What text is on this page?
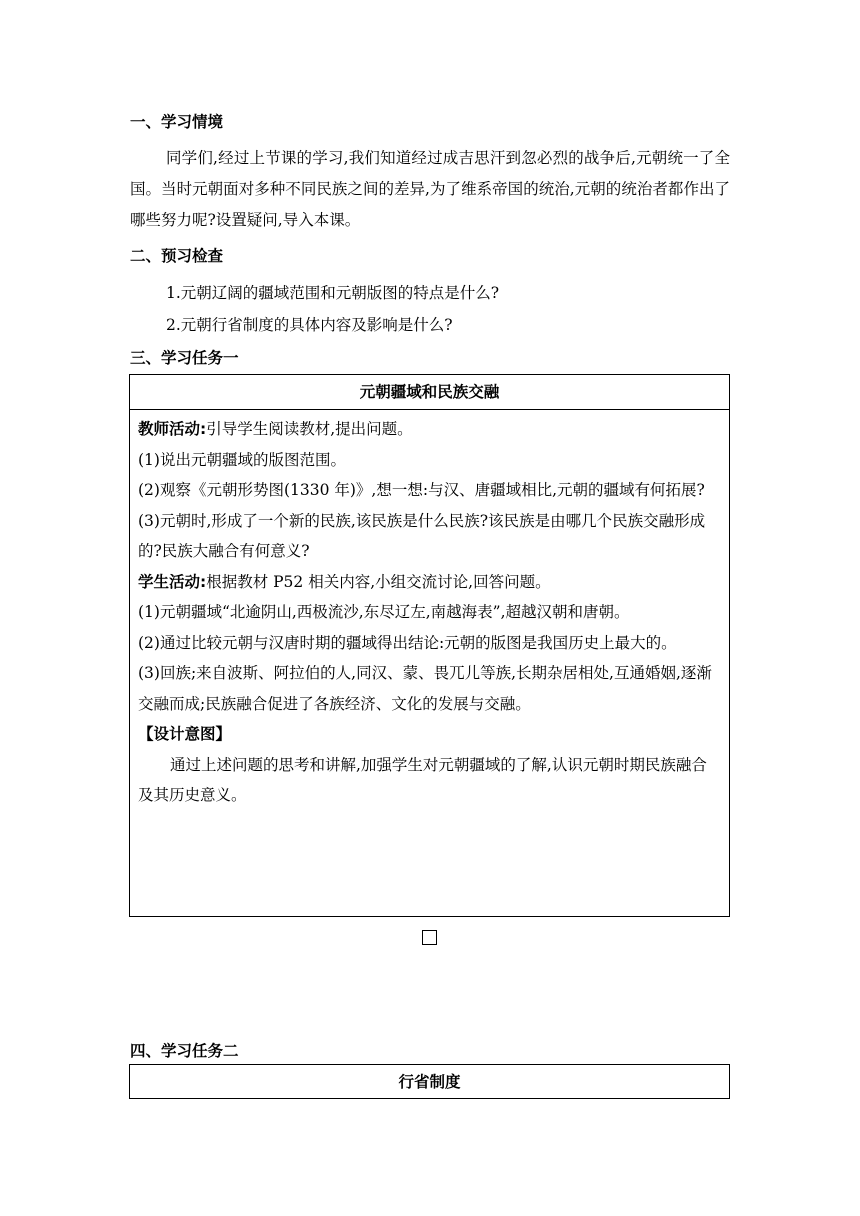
一、学习情境
同学们,经过上节课的学习,我们知道经过成吉思汗到忽必烈的战争后,元朝统一了全国。当时元朝面对多种不同民族之间的差异,为了维系帝国的统治,元朝的统治者都作出了哪些努力呢?设置疑问,导入本课。
二、预习检查
1.元朝辽阔的疆域范围和元朝版图的特点是什么?
2.元朝行省制度的具体内容及影响是什么?
三、学习任务一
元朝疆域和民族交融
教师活动:引导学生阅读教材,提出问题。
(1)说出元朝疆域的版图范围。
(2)观察《元朝形势图(1330 年)》,想一想:与汉、唐疆域相比,元朝的疆域有何拓展?
(3)元朝时,形成了一个新的民族,该民族是什么民族?该民族是由哪几个民族交融形成的?民族大融合有何意义?
学生活动:根据教材 P52 相关内容,小组交流讨论,回答问题。
(1)元朝疆域“北逾阴山,西极流沙,东尽辽左,南越海表”,超越汉朝和唐朝。
(2)通过比较元朝与汉唐时期的疆域得出结论:元朝的版图是我国历史上最大的。
(3)回族;来自波斯、阿拉伯的人,同汉、蒙、畏兀儿等族,长期杂居相处,互通婚姻,逐渐交融而成;民族融合促进了各族经济、文化的发展与交融。
【设计意图】
通过上述问题的思考和讲解,加强学生对元朝疆域的了解,认识元朝时期民族融合及其历史意义。
四、学习任务二
行省制度
